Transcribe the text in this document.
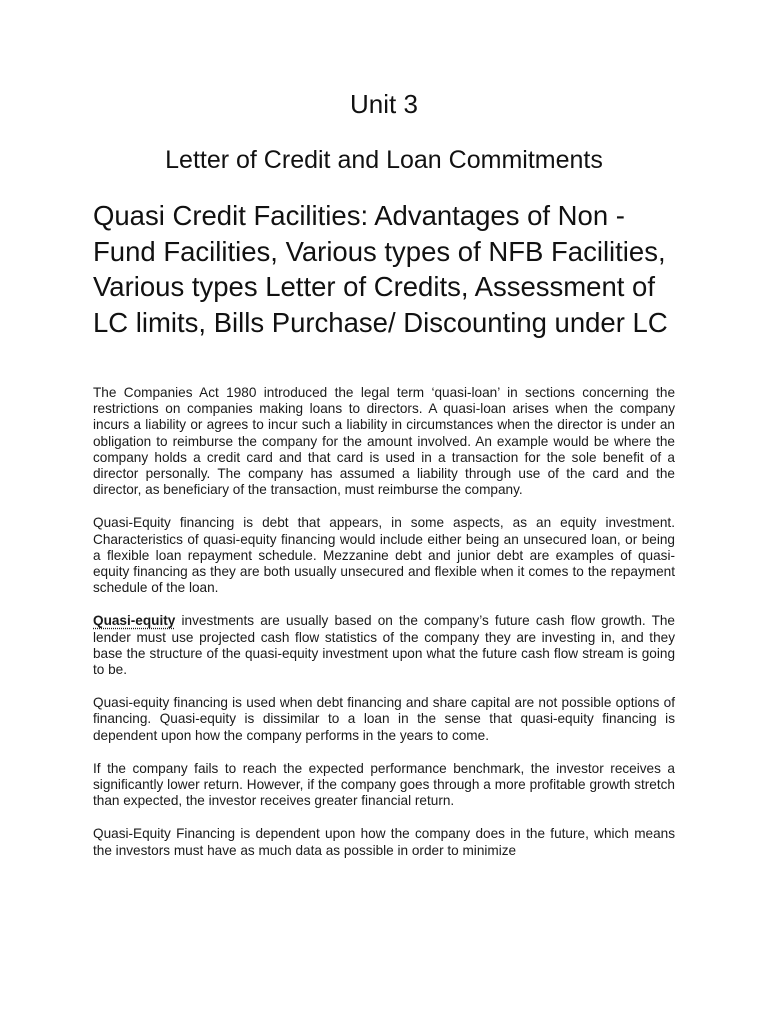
Unit 3
Letter of Credit and Loan Commitments
Quasi Credit Facilities: Advantages of Non -Fund Facilities, Various types of NFB Facilities, Various types Letter of Credits, Assessment of LC limits, Bills Purchase/ Discounting under LC

The Companies Act 1980 introduced the legal term ‘quasi-loan’ in sections concerning the restrictions on companies making loans to directors. A quasi-loan arises when the company incurs a liability or agrees to incur such a liability in circumstances when the director is under an obligation to reimburse the company for the amount involved. An example would be where the company holds a credit card and that card is used in a transaction for the sole benefit of a director personally. The company has assumed a liability through use of the card and the director, as beneficiary of the transaction, must reimburse the company.

Quasi-Equity financing is debt that appears, in some aspects, as an equity investment. Characteristics of quasi-equity financing would include either being an unsecured loan, or being a flexible loan repayment schedule. Mezzanine debt and junior debt are examples of quasi-equity financing as they are both usually unsecured and flexible when it comes to the repayment schedule of the loan.

Quasi-equity investments are usually based on the company’s future cash flow growth. The lender must use projected cash flow statistics of the company they are investing in, and they base the structure of the quasi-equity investment upon what the future cash flow stream is going to be.

Quasi-equity financing is used when debt financing and share capital are not possible options of financing. Quasi-equity is dissimilar to a loan in the sense that quasi-equity financing is dependent upon how the company performs in the years to come.

If the company fails to reach the expected performance benchmark, the investor receives a significantly lower return. However, if the company goes through a more profitable growth stretch than expected, the investor receives greater financial return.

Quasi-Equity Financing is dependent upon how the company does in the future, which means the investors must have as much data as possible in order to minimize
